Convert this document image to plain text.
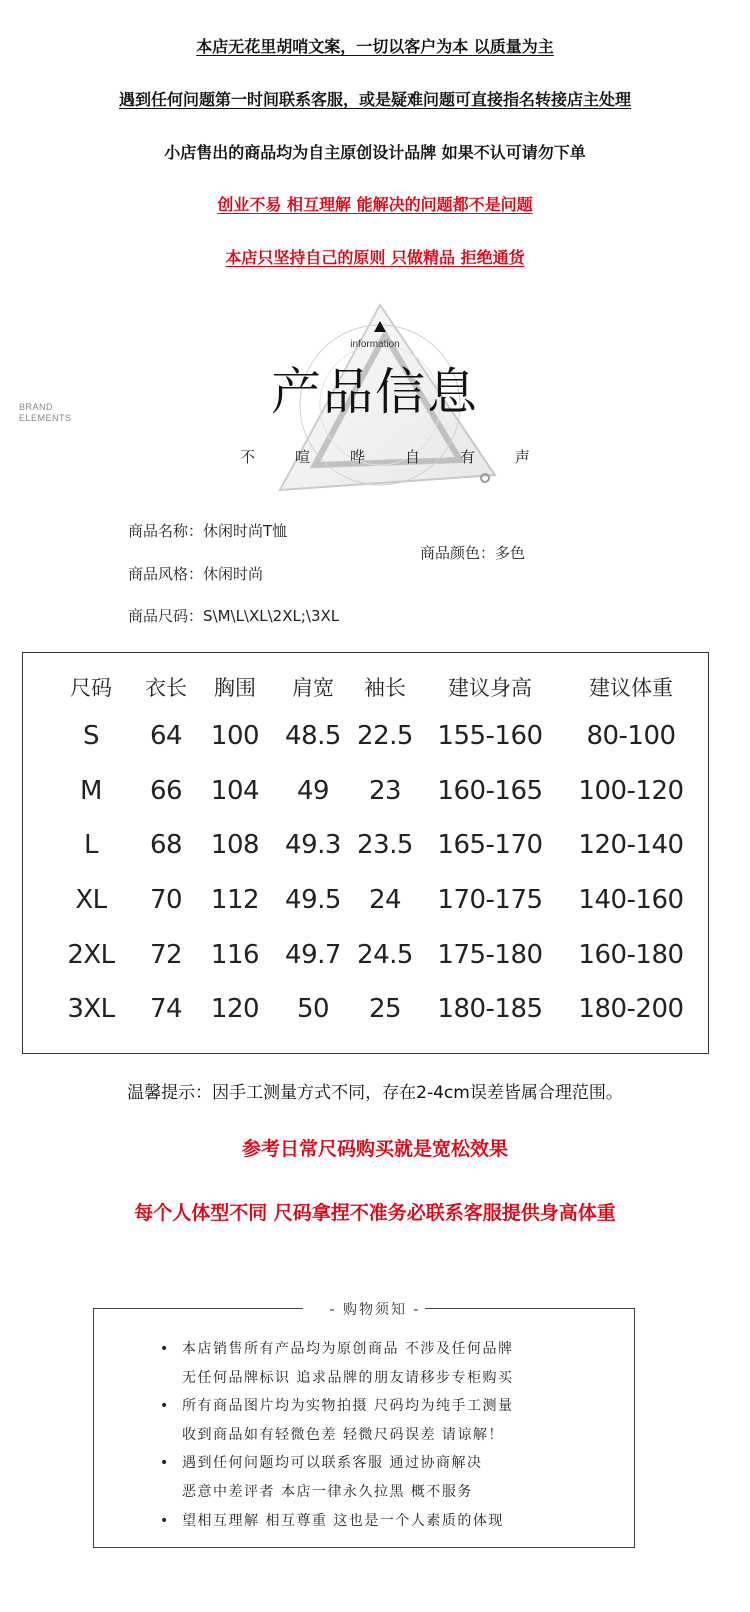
本店无花里胡哨文案，一切以客户为本 以质量为主
遇到任何问题第一时间联系客服，或是疑难问题可直接指名转接店主处理
小店售出的商品均为自主原创设计品牌 如果不认可请勿下单
创业不易 相互理解 能解决的问题都不是问题
本店只坚持自己的原则 只做精品 拒绝通货
BRAND
ELEMENTS
information
产品信息
不	喧	哗	自	有	声
商品名称：休闲时尚T恤
商品颜色：多色
商品风格：休闲时尚
商品尺码：S\M\L\XL\2XL;\3XL
尺码	衣长	胸围	肩宽	袖长	建议身高	建议体重
S	64	100	48.5	22.5	155-160	80-100
M	66	104	49	23	160-165	100-120
L	68	108	49.3	23.5	165-170	120-140
XL	70	112	49.5	24	170-175	140-160
2XL	72	116	49.7	24.5	175-180	160-180
3XL	74	120	50	25	180-185	180-200
温馨提示：因手工测量方式不同，存在2-4cm误差皆属合理范围。
参考日常尺码购买就是宽松效果
每个人体型不同 尺码拿捏不准务必联系客服提供身高体重
- 购物须知 -
• 本店销售所有产品均为原创商品 不涉及任何品牌
无任何品牌标识 追求品牌的朋友请移步专柜购买
• 所有商品图片均为实物拍摄 尺码均为纯手工测量
收到商品如有轻微色差 轻微尺码误差 请谅解！
• 遇到任何问题均可以联系客服 通过协商解决
恶意中差评者 本店一律永久拉黑 概不服务
• 望相互理解 相互尊重 这也是一个人素质的体现
